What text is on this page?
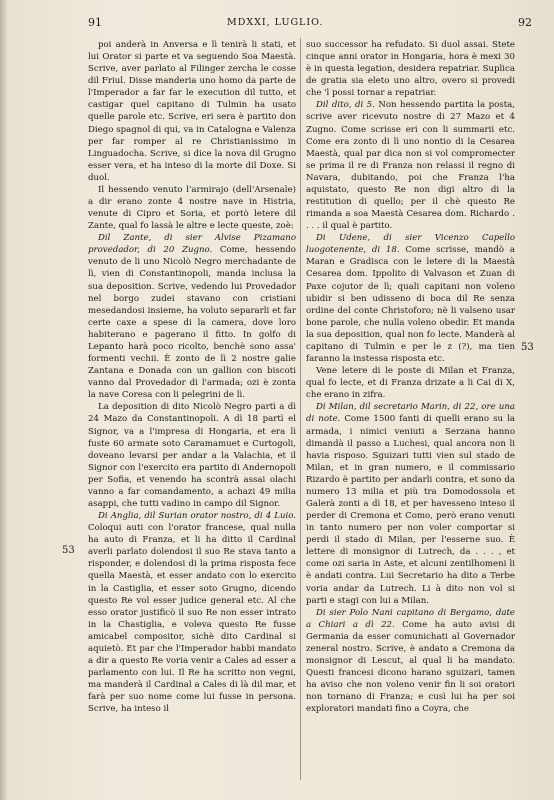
91	MDXXI, LUGLIO.	92
53
53

poi anderà in Anversa e lì tenirà li stati, et lui Orator si parte et va seguendo Soa Maestà. Scrive, aver parlato al Filinger zercha le cosse dil Friul. Disse manderia uno homo da parte de l'Imperador a far far le execution dil tutto, et castigar quel capitano di Tulmin ha usato quelle parole etc. Scrive, eri sera è partito don Diego spagnol di qui, va in Catalogna e Valenza per far romper al re Christianissimo in Linguadocha. Scrive, si dice la nova dil Grugno esser vera, et ha inteso di la morte dil Doxe. Si duol.

Il hessendo venuto l'armirajo (dell'Arsenale) a dir erano zonte 4 nostre nave in Histria, venute di Cipro et Soria, et portò letere dil Zante, qual fo lassà le altre e lecte queste, zoè:

Dil Zante, di sier Alvise Pizamano provedador, di 20 Zugno. Come, hessendo venuto de li uno Nicolò Negro merchadante de lì, vien di Constantinopoli, manda inclusa la sua deposition. Scrive, vedendo lui Provedador nel borgo zudei stavano con cristiani mesedandosi insieme, ha voluto separarli et far certe caxe a spese di la camera, dove loro habiterano e pagerano il fitto. In golfo di Lepanto harà poco ricolto, benchè sono assa' formenti vechii. È zonto de lì 2 nostre galie Zantana e Donada con un gallion con biscoti vanno dal Provedador di l'armada; ozi è zonta la nave Coresa con li pelegrini de lì.

La deposition di dito Nicolò Negro partì a dì 24 Mazo da Constantinopoli. A dì 18 partì el Signor, va a l'impresa di Hongaria, et era lì fuste 60 armate soto Caramamuet e Curtogoli, doveano levarsi per andar a la Valachia, et il Signor con l'exercito era partito di Andernopoli per Sofia, et venendo ha scontrà assai olachi vanno a far comandamento, a achazi 49 milia asappi, che tutti vadino in campo dil Signor.

Di Anglia, dil Surian orator nostro, di 4 Luio. Coloqui auti con l'orator francese, qual nulla ha auto di Franza, et li ha ditto il Cardinal averli parlato dolendosi il suo Re stava tanto a risponder, e dolendosi di la prima risposta fece quella Maestà, et esser andato con lo exercito in la Castiglia, et esser soto Grugno, dicendo questo Re vol esser judice general etc. Al che esso orator justificò il suo Re non esser intrato in la Chastiglia, e voleva questo Re fusse amicabel compositor, sichè dito Cardinal si aquietò. Et par che l'Imperador habbi mandato a dir a questo Re voria venir a Cales ad esser a parlamento con lui. Il Re ha scritto non vegni, ma manderà il Cardinal a Cales di là dil mar, et farà per suo nome come lui fusse in persona. Scrive, ha inteso il

suo successor ha refudato. Si duol assai. Stete cinque anni orator in Hongaria, hora è mexi 30 è in questa legation, desidera repatriar. Suplica de gratia sia eleto uno altro, overo si provedi che 'l possi tornar a repatriar.

Dil dito, di 5. Non hessendo partita la posta, scrive aver ricevuto nostre di 27 Mazo et 4 Zugno. Come scrisse eri con li summarii etc. Come era zonto di lì uno nontio di la Cesarea Maestà, qual par dica non si vol compromecter se prima il re di Franza non relassi il regno di Navara, dubitando, poi che Franza l'ha aquistato, questo Re non digi altro di la restitution di quello; per il chè questo Re rimanda a soa Maestà Cesarea dom. Richardo . . . . il qual è partito.

Di Udene, di sier Vicenzo Capello luogotenente, di 18. Come scrisse, mandò a Maran e Gradisca con le letere di la Maestà Cesarea dom. Ippolito di Valvason et Zuan di Paxe cojutor de lì; quali capitani non voleno ubidir si ben udisseno di boca dil Re senza ordine del conte Christoforo; nè li valseno usar bone parole, che nulla voleno obedir. Et manda la sua deposition, qual non fo lecte. Manderà al capitano di Tulmin e per le z (?), ma tien faranno la instessa risposta etc.

Vene letere di le poste di Milan et Franza, qual fo lecte, et di Franza drizate a li Cai di X, che erano in zifra.

Di Milan, dil secretario Marin, di 22, ore una di note. Come 1500 fanti di quelli erano su la armada, i nimici veniuti a Serzana hanno dimandà il passo a Luchesi, qual ancora non li havia risposo. Sguizari tutti vien sul stado de Milan, et in gran numero, e il commissario Rizardo è partito per andarli contra, et sono da numero 13 milia et più tra Domodossola et Galerà zonti a dì 18, et per havesseno inteso il perder di Cremona et Como, però erano venuti in tanto numero per non voler comportar si perdi il stado di Milan, per l'esserne suo. È lettere di monsignor di Lutrech, da . . . , et come ozi saria in Aste, et alcuni zentilhomeni li è andati contra. Lui Secretario ha dito a Terbe voria andar da Lutrech. Li à dito non vol si parti e stagi con lui a Milan.

Di sier Polo Nani capitano di Bergamo, date a Chiari a dì 22. Come ha auto avisi di Germania da esser comunichati al Governador zeneral nostro. Scrive, è andato a Cremona da monsignor di Lescut, al qual li ha mandato. Questi francesi dicono harano sguizari, tamen ha aviso che non voleno venir fin li soi oratori non tornano di Franza; e cusì lui ha per soi exploratori mandati fino a Coyra, che
